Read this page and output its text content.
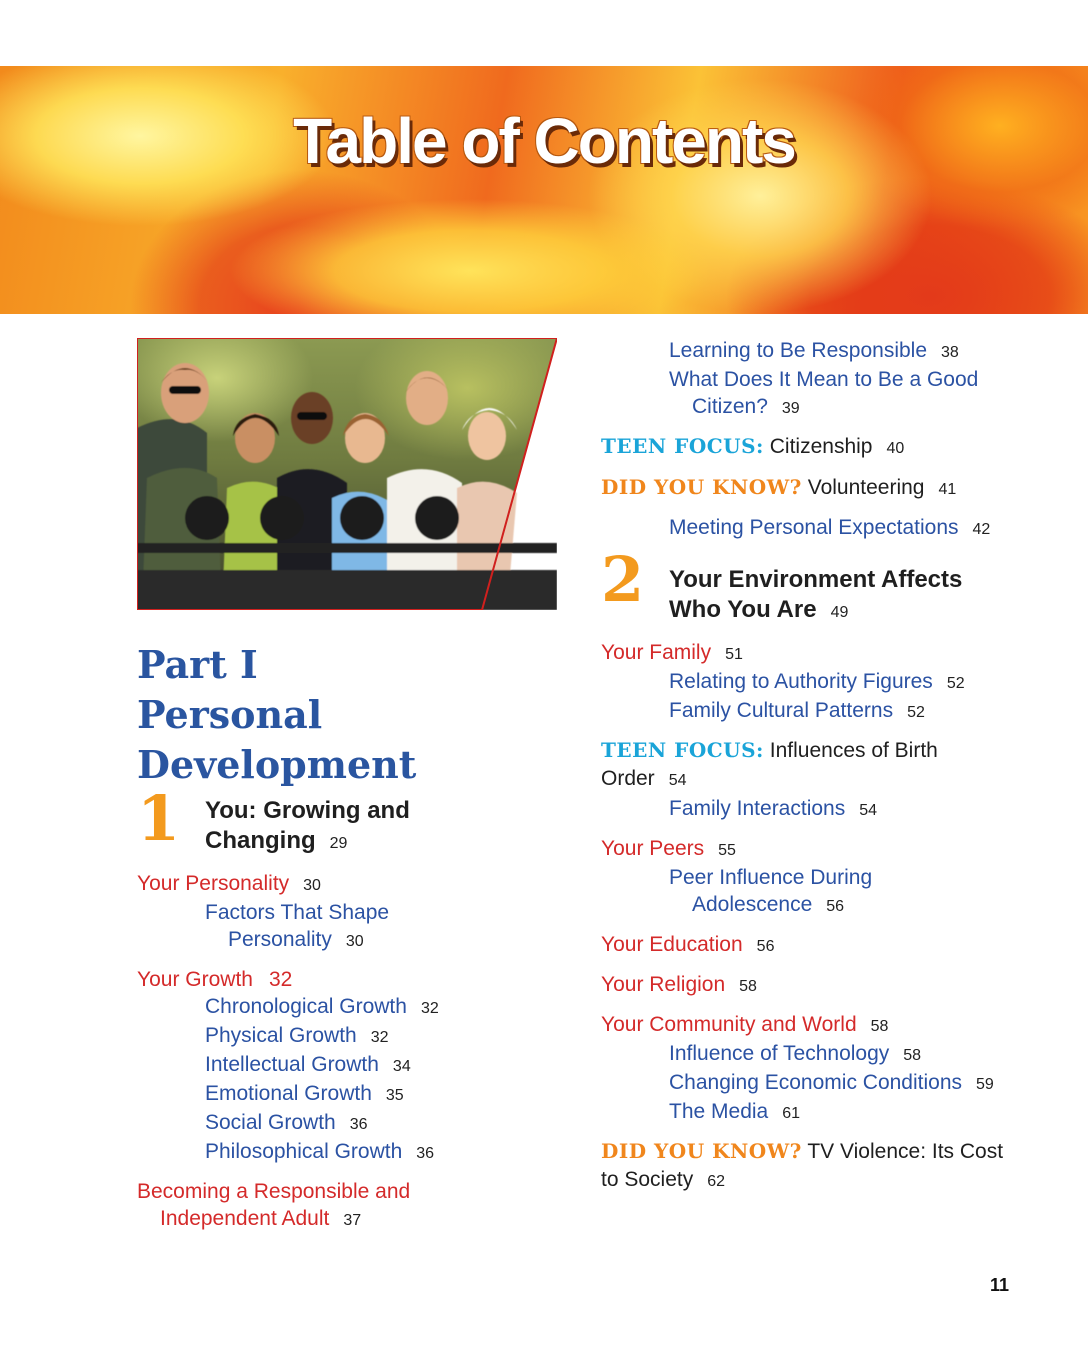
Table of Contents
Part I
Personal
Development
1 You: Growing and
Changing 29
Your Personality 30
Factors That Shape

Personality 30
Your Growth 32
Chronological Growth 32
Physical Growth 32
Intellectual Growth 34
Emotional Growth 35
Social Growth 36
Philosophical Growth 36
Becoming a Responsible and

Independent Adult 37
Learning to Be Responsible 38
What Does It Mean to Be a Good

Citizen? 39
TEEN FOCUS: Citizenship 40
DID YOU KNOW? Volunteering 41
Meeting Personal Expectations 42
2 Your Environment Affects
Who You Are 49
Your Family 51
Relating to Authority Figures 52
Family Cultural Patterns 52
TEEN FOCUS: Influences of Birth
Order 54
Family Interactions 54
Your Peers 55
Peer Influence During

Adolescence 56
Your Education 56
Your Religion 58
Your Community and World 58
Influence of Technology 58
Changing Economic Conditions 59
The Media 61
DID YOU KNOW? TV Violence: Its Cost
to Society 62
11
